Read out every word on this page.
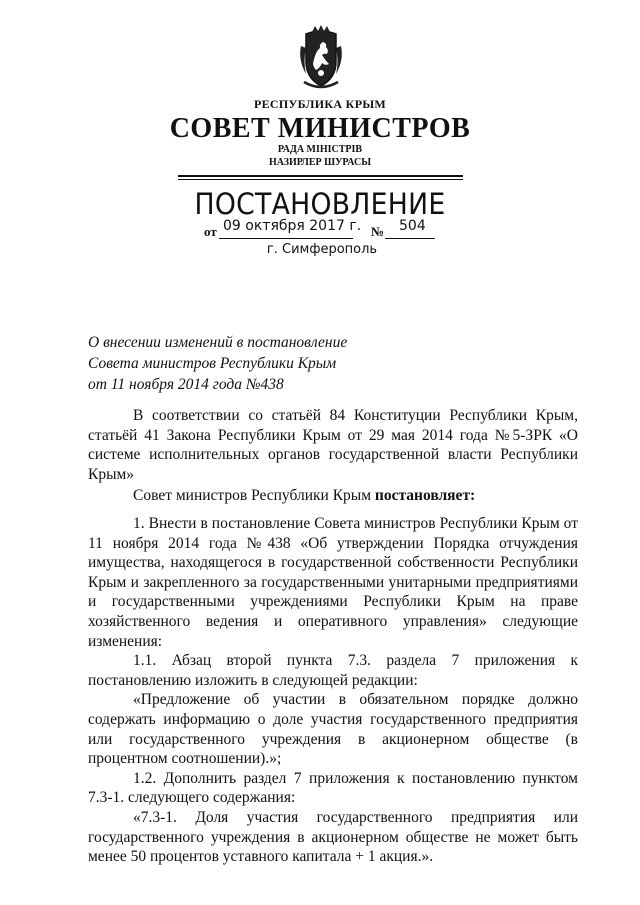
РЕСПУБЛИКА КРЫМ
СОВЕТ МИНИСТРОВ
РАДА МІНІСТРІВ
НАЗИРЛЕР ШУРАСЫ
ПОСТАНОВЛЕНИЕ
от 09 октября 2017 г. № 504
г. Симферополь
О внесении изменений в постановление
Совета министров Республики Крым
от 11 ноября 2014 года №438

В соответствии со статьёй 84 Конституции Республики Крым, статьёй 41 Закона Республики Крым от 29 мая 2014 года №5-ЗРК «О системе исполнительных органов государственной власти Республики Крым»

Совет министров Республики Крым постановляет:

1. Внести в постановление Совета министров Республики Крым от 11 ноября 2014 года №438 «Об утверждении Порядка отчуждения имущества, находящегося в государственной собственности Республики Крым и закрепленного за государственными унитарными предприятиями и государственными учреждениями Республики Крым на праве хозяйственного ведения и оперативного управления» следующие изменения:

1.1. Абзац второй пункта 7.3. раздела 7 приложения к постановлению изложить в следующей редакции:

«Предложение об участии в обязательном порядке должно содержать информацию о доле участия государственного предприятия или государственного учреждения в акционерном обществе (в процентном соотношении).»;

1.2. Дополнить раздел 7 приложения к постановлению пунктом 7.3-1. следующего содержания:

«7.3-1. Доля участия государственного предприятия или государственного учреждения в акционерном обществе не может быть менее 50 процентов уставного капитала + 1 акция.».
